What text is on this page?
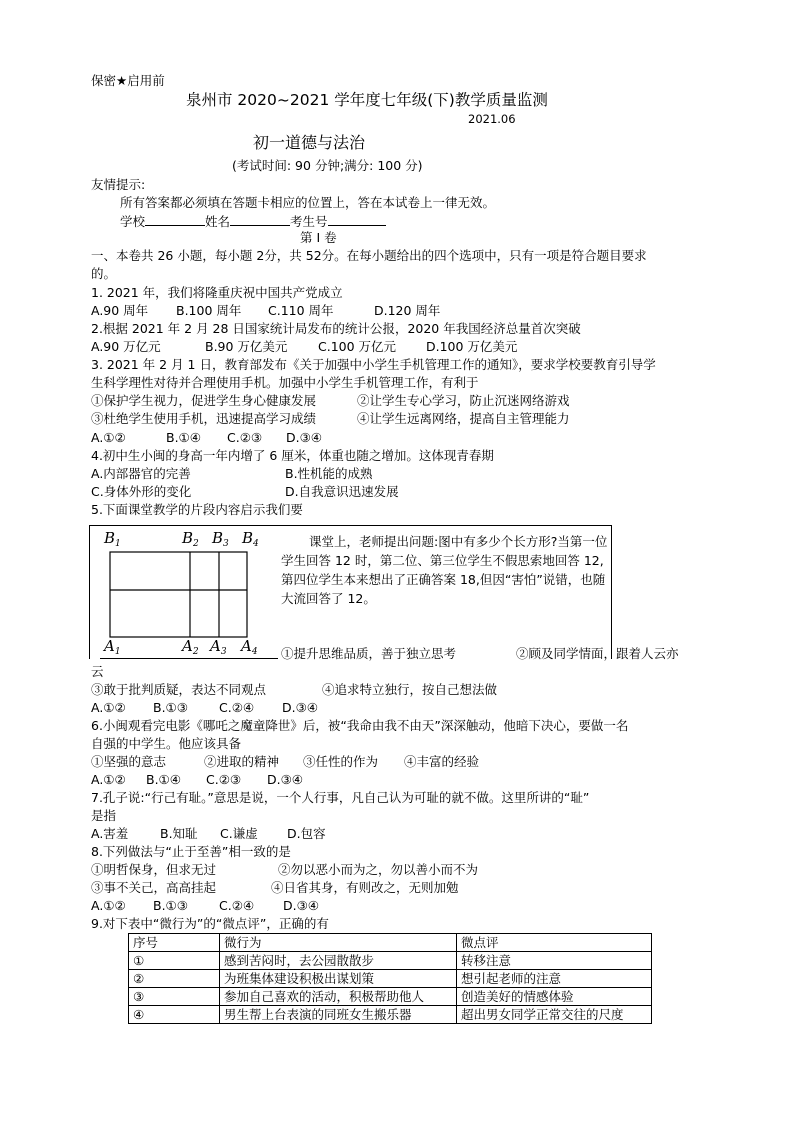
保密★启用前
泉州市 2020~2021 学年度七年级(下)教学质量监测
2021.06
初一道德与法治
(考试时间: 90 分钟;满分: 100 分)
友情提示:
所有答案都必须填在答题卡相应的位置上，答在本试卷上一律无效。
学校	姓名	考生号
第 I 卷
一、本卷共 26 小题，每小题 2分，共 52分。在每小题给出的四个选项中，只有一项是符合题目要求
的。
1. 2021 年，我们将隆重庆祝中国共产党成立
A.90 周年 B.100 周年 C.110 周年	D.120 周年
2.根据 2021 年 2 月 28 日国家统计局发布的统计公报，2020 年我国经济总量首次突破
A.90 万亿元	B.90 万亿美元 C.100 万亿元 D.100 万亿美元
3. 2021 年 2 月 1 日，教育部发布《关于加强中小学生手机管理工作的通知》，要求学校要教育引导学
生科学理性对待并合理使用手机。加强中小学生手机管理工作，有利于
①保护学生视力，促进学生身心健康发展	②让学生专心学习，防止沉迷网络游戏
③杜绝学生使用手机，迅速提高学习成绩	④让学生远离网络，提高自主管理能力
A.①②	B.①④ C.②③ D.③④
4.初中生小闽的身高一年内增了 6 厘米，体重也随之增加。这体现青春期
A.内部器官的完善	B.性机能的成熟
C.身体外形的变化	D.自我意识迅速发展
5.下面课堂教学的片段内容启示我们要
$B_1$	$B_2$ $B_3$ $B_4$
$A_1$	$A_2$ $A_3$ $A_4$
课堂上，老师提出问题:图中有多少个长方形?当第一位学生回答 12 时，第二位、第三位学生不假思索地回答 12,第四位学生本来想出了正确答案 18,但因“害怕”说错，也随大流回答了 12。
①提升思维品质，善于独立思考	②顾及同学情面，跟着人云亦
云
③敢于批判质疑，表达不同观点	④追求特立独行，按自己想法做
A.①② B.①③ C.②④ D.③④
6.小闽观看完电影《哪吒之魔童降世》后，被“我命由我不由天”深深触动，他暗下决心，要做一名
自强的中学生。他应该具备
①坚强的意志	②进取的精神 ③任性的作为 ④丰富的经验
A.①② B.①④ C.②③ D.③④
7.孔子说:“行己有耻。”意思是说，一个人行事，凡自己认为可耻的就不做。这里所讲的“耻”
是指
A.害羞	B.知耻 C.谦虚 D.包容
8.下列做法与“止于至善”相一致的是
①明哲保身，但求无过	②勿以恶小而为之，勿以善小而不为
③事不关己，高高挂起	④日省其身，有则改之，无则加勉
A.①② B.①③ C.②④ D.③④
9.对下表中“微行为”的“微点评”，正确的有
序号	微行为	微点评
①	感到苦闷时，去公园散散步	转移注意
②	为班集体建设积极出谋划策	想引起老师的注意
③	参加自己喜欢的活动，积极帮助他人	创造美好的情感体验
④	男生帮上台表演的同班女生搬乐器	超出男女同学正常交往的尺度
